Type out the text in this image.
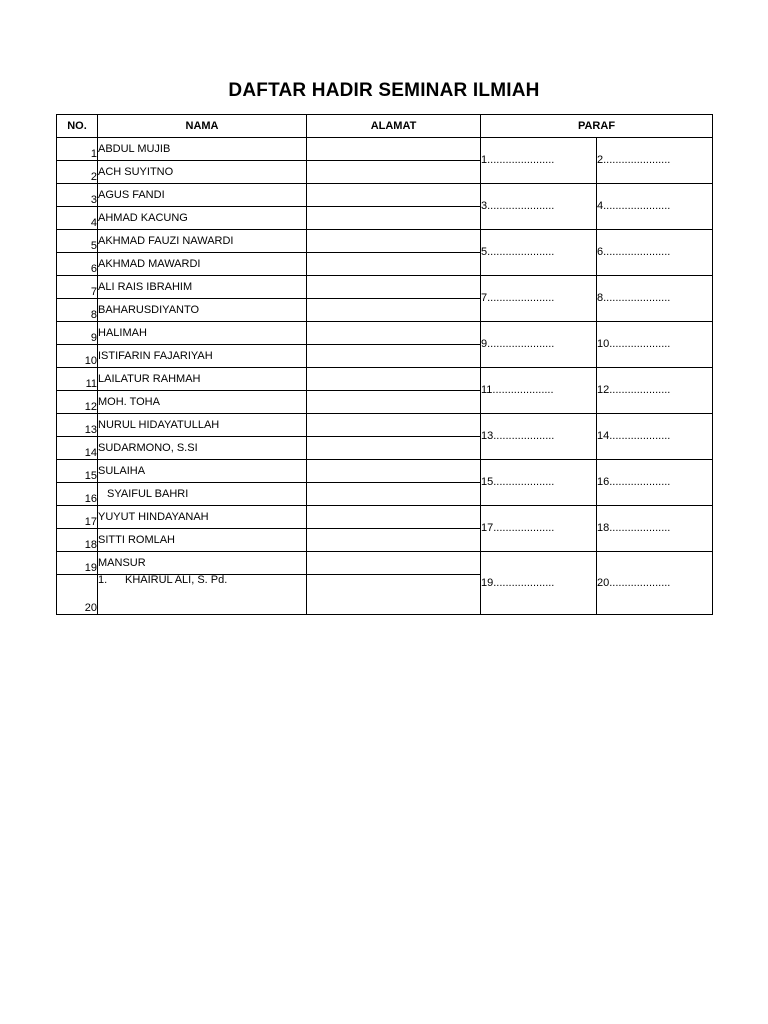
DAFTAR HADIR SEMINAR ILMIAH
NO.	NAMA	ALAMAT	PARAF	
1	ABDUL MUJIB		1......................	2......................
2	ACH SUYITNO			
3	AGUS FANDI		3......................	4......................
4	AHMAD KACUNG			
5	AKHMAD FAUZI NAWARDI		5......................	6......................
6	AKHMAD MAWARDI			
7	ALI RAIS IBRAHIM		7......................	8......................
8	BAHARUSDIYANTO			
9	HALIMAH		9......................	10....................
10	ISTIFARIN FAJARIYAH			
11	LAILATUR RAHMAH		11....................	12....................
12	MOH. TOHA			
13	NURUL HIDAYATULLAH		13....................	14....................
14	SUDARMONO, S.SI			
15	SULAIHA		15....................	16....................
16	SYAIFUL BAHRI			
17	YUYUT HINDAYANAH		17....................	18....................
18	SITTI ROMLAH			
19	MANSUR		19....................	20....................
20	1. KHAIRUL ALI, S. Pd.			
